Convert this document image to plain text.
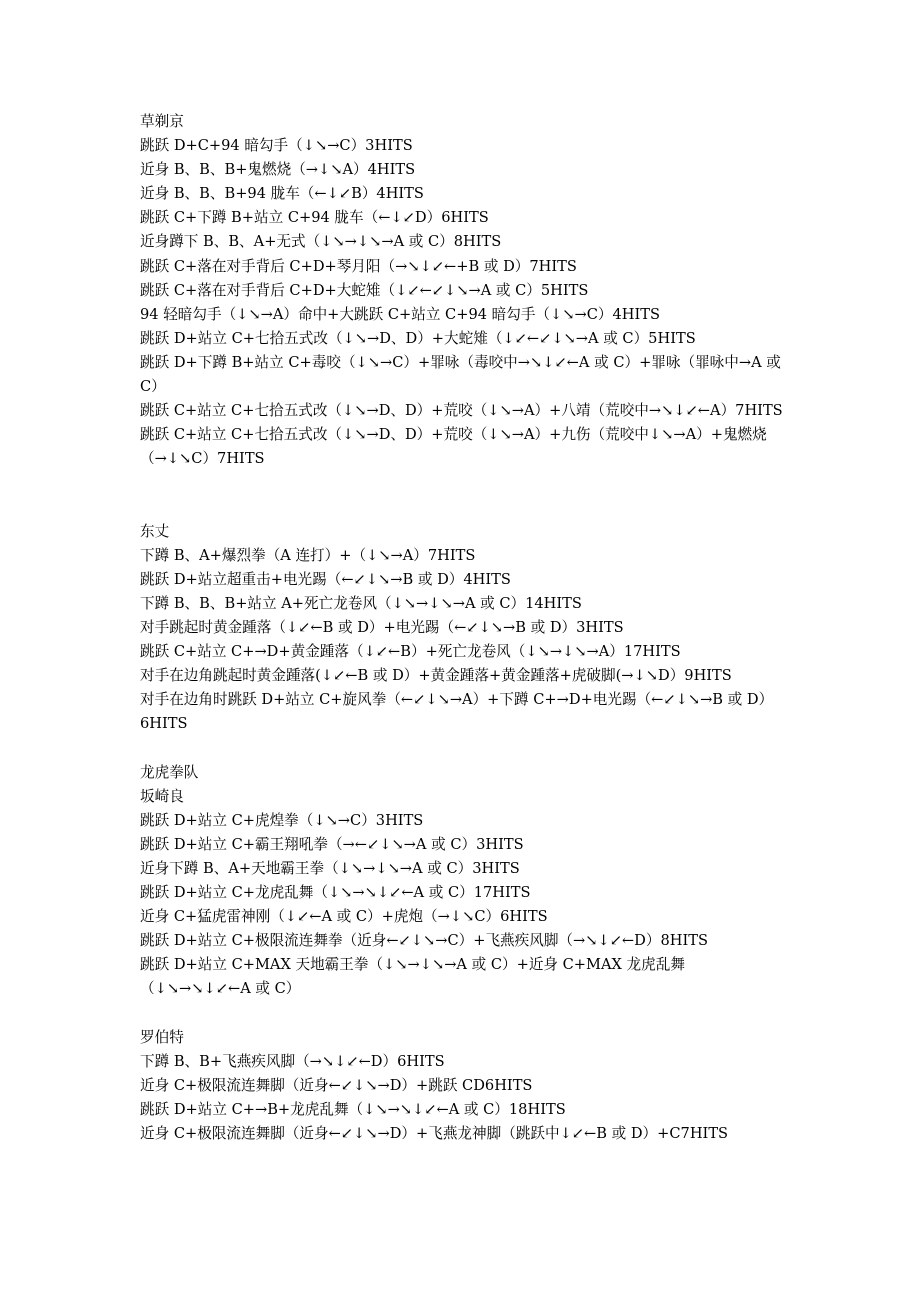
草剃京
跳跃 D+C+94 暗勾手（↓↘→C）3HITS
近身 B、B、B+鬼燃烧（→↓↘A）4HITS
近身 B、B、B+94 胧车（←↓↙B）4HITS
跳跃 C+下蹲 B+站立 C+94 胧车（←↓↙D）6HITS
近身蹲下 B、B、A+无式（↓↘→↓↘→A 或 C）8HITS
跳跃 C+落在对手背后 C+D+琴月阳（→↘↓↙←+B 或 D）7HITS
跳跃 C+落在对手背后 C+D+大蛇雉（↓↙←↙↓↘→A 或 C）5HITS
94 轻暗勾手（↓↘→A）命中+大跳跃 C+站立 C+94 暗勾手（↓↘→C）4HITS
跳跃 D+站立 C+七拾五式改（↓↘→D、D）+大蛇雉（↓↙←↙↓↘→A 或 C）5HITS
跳跃 D+下蹲 B+站立 C+毒咬（↓↘→C）+罪咏（毒咬中→↘↓↙←A 或 C）+罪咏（罪咏中→A 或 C）
跳跃 C+站立 C+七拾五式改（↓↘→D、D）+荒咬（↓↘→A）+八靖（荒咬中→↘↓↙←A）7HITS
跳跃 C+站立 C+七拾五式改（↓↘→D、D）+荒咬（↓↘→A）+九伤（荒咬中↓↘→A）+鬼燃烧（→↓↘C）7HITS
东丈
下蹲 B、A+爆烈拳（A 连打）+（↓↘→A）7HITS
跳跃 D+站立超重击+电光踢（←↙↓↘→B 或 D）4HITS
下蹲 B、B、B+站立 A+死亡龙卷风（↓↘→↓↘→A 或 C）14HITS
对手跳起时黄金踵落（↓↙←B 或 D）+电光踢（←↙↓↘→B 或 D）3HITS
跳跃 C+站立 C+→D+黄金踵落（↓↙←B）+死亡龙卷风（↓↘→↓↘→A）17HITS
对手在边角跳起时黄金踵落(↓↙←B 或 D）+黄金踵落+黄金踵落+虎破脚(→↓↘D）9HITS
对手在边角时跳跃 D+站立 C+旋风拳（←↙↓↘→A）+下蹲 C+→D+电光踢（←↙↓↘→B 或 D）6HITS
龙虎拳队
坂崎良
跳跃 D+站立 C+虎煌拳（↓↘→C）3HITS
跳跃 D+站立 C+霸王翔吼拳（→←↙↓↘→A 或 C）3HITS
近身下蹲 B、A+天地霸王拳（↓↘→↓↘→A 或 C）3HITS
跳跃 D+站立 C+龙虎乱舞（↓↘→↘↓↙←A 或 C）17HITS
近身 C+猛虎雷神刚（↓↙←A 或 C）+虎炮（→↓↘C）6HITS
跳跃 D+站立 C+极限流连舞拳（近身←↙↓↘→C）+飞燕疾风脚（→↘↓↙←D）8HITS
跳跃 D+站立 C+MAX 天地霸王拳（↓↘→↓↘→A 或 C）+近身 C+MAX 龙虎乱舞（↓↘→↘↓↙←A 或 C）
罗伯特
下蹲 B、B+飞燕疾风脚（→↘↓↙←D）6HITS
近身 C+极限流连舞脚（近身←↙↓↘→D）+跳跃 CD6HITS
跳跃 D+站立 C+→B+龙虎乱舞（↓↘→↘↓↙←A 或 C）18HITS
近身 C+极限流连舞脚（近身←↙↓↘→D）+飞燕龙神脚（跳跃中↓↙←B 或 D）+C7HITS
